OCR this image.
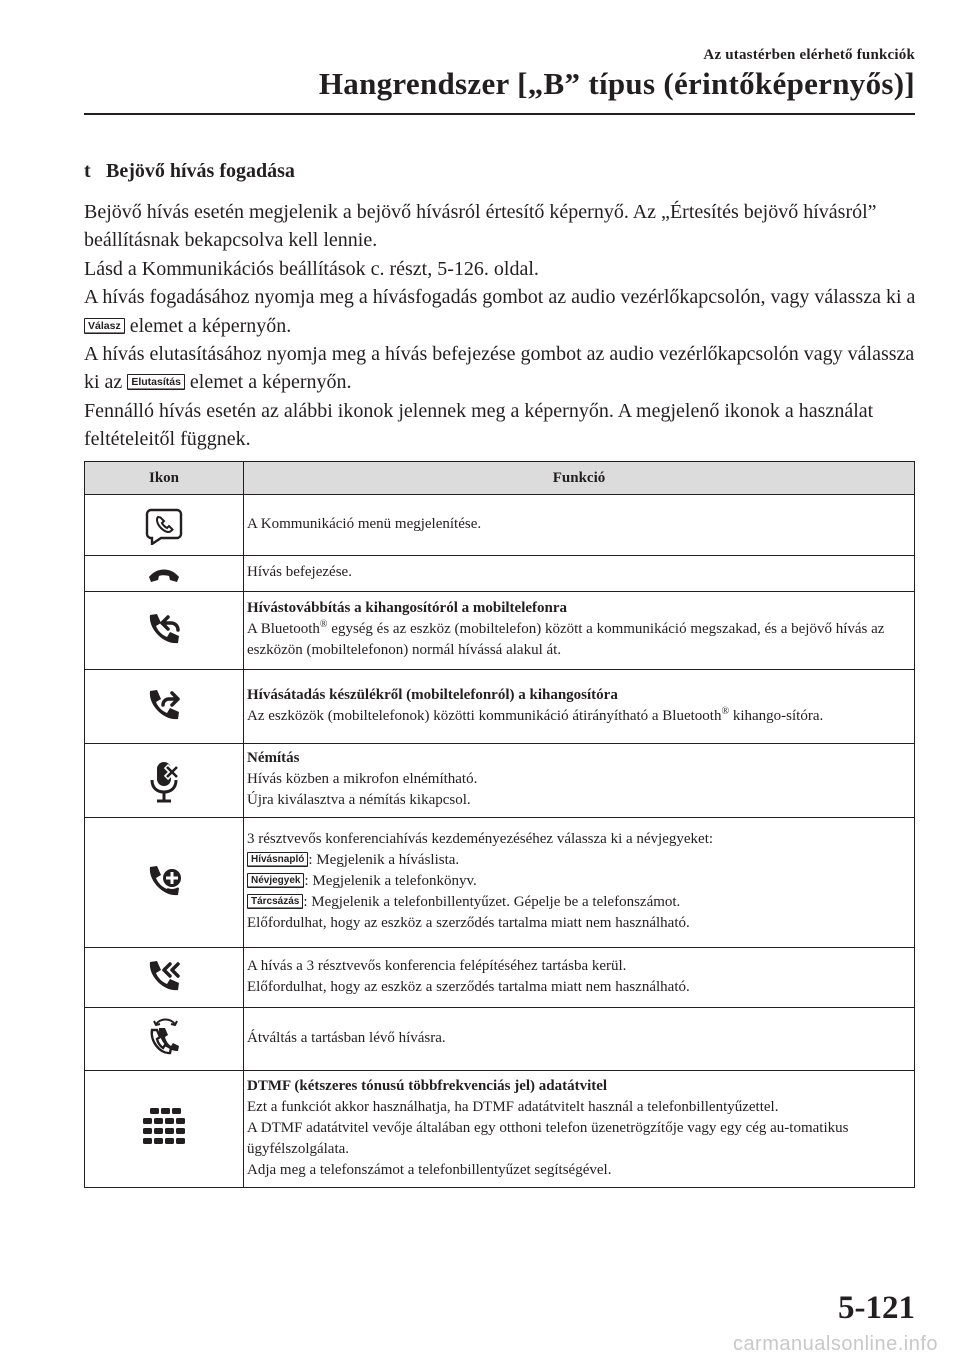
Az utastérben elérhető funkciók
Hangrendszer [„B” típus (érintőképernyős)]
t Bejövő hívás fogadása

Bejövő hívás esetén megjelenik a bejövő hívásról értesítő képernyő. Az „Értesítés bejövő hívásról” beállításnak bekapcsolva kell lennie.

Lásd a Kommunikációs beállítások c. részt, 5-126. oldal.

A hívás fogadásához nyomja meg a hívásfogadás gombot az audio vezérlőkapcsolón, vagy válassza ki a Válasz elemet a képernyőn.

A hívás elutasításához nyomja meg a hívás befejezése gombot az audio vezérlőkapcsolón vagy válassza ki az Elutasítás elemet a képernyőn.

Fennálló hívás esetén az alábbi ikonok jelennek meg a képernyőn. A megjelenő ikonok a használat feltételeitől függnek.

Ikon	Funkció

	A Kommunikáció menü megjelenítése.

	Hívás befejezése.

Hívástovábbítás a kihangosítóról a mobiltelefonra
A Bluetooth® egység és az eszköz (mobiltelefon) között a kommunikáció megszakad, és a bejövő hívás az eszközön (mobiltelefonon) normál hívássá alakul át.

Hívásátadás készülékről (mobiltelefonról) a kihangosítóra
Az eszközök (mobiltelefonok) közötti kommunikáció átirányítható a Bluetooth® kihango-sítóra.

Némítás
Hívás közben a mikrofon elnémítható.
Újra kiválasztva a némítás kikapcsol.

3 résztvevős konferenciahívás kezdeményezéséhez válassza ki a névjegyeket:
Hívásnapló : Megjelenik a híváslista.
Névjegyek : Megjelenik a telefonkönyv.
Tárcsázás : Megjelenik a telefonbillentyűzet. Gépelje be a telefonszámot.
Előfordulhat, hogy az eszköz a szerződés tartalma miatt nem használható.

A hívás a 3 résztvevős konferencia felépítéséhez tartásba kerül.
Előfordulhat, hogy az eszköz a szerződés tartalma miatt nem használható.

	Átváltás a tartásban lévő hívásra.

DTMF (kétszeres tónusú többfrekvenciás jel) adatátvitel
Ezt a funkciót akkor használhatja, ha DTMF adatátvitelt használ a telefonbillentyűzettel.
A DTMF adatátvitel vevője általában egy otthoni telefon üzenetrögzítője vagy egy cég au-tomatikus ügyfélszolgálata.
Adja meg a telefonszámot a telefonbillentyűzet segítségével.
5-121
carmanualsonline.info
